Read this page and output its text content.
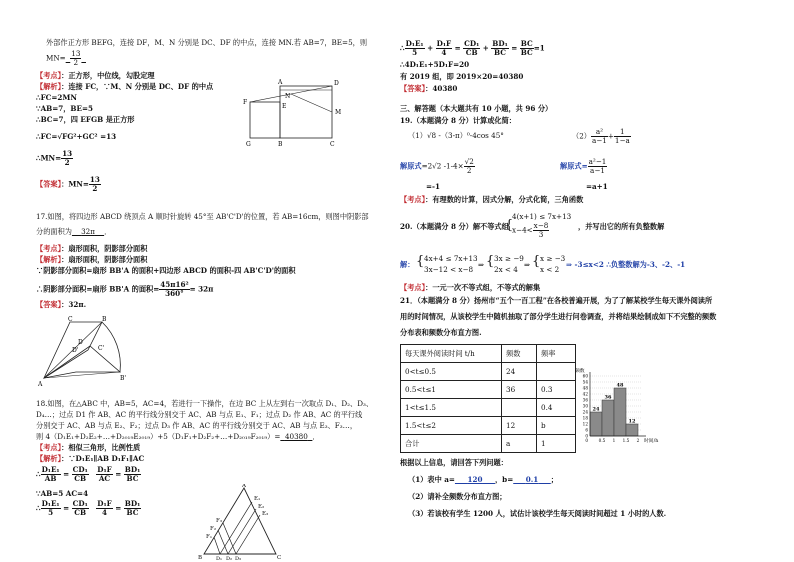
外部作正方形 BEFG，连接 DF，M、N 分别是 DC、DF 的中点，连接 MN.若 AB=7，BE=5，则
$MN= \frac{13}{2}$

【考点】：正方形，中位线，勾股定理
【解析】：连接 FC，∵M、N 分别是 DC、DF 的中点
∴FC=2MN
∵AB=7，BE=5
∴BC=7，四 EFGB 是正方形
∴FC=√FG²+GC² =13
∴MN= $\frac{13}{2}$
【答案】：$MN= \frac{13}{2}$
A	D
N
F
M
E
G	B	C
17.如图，将四边形 ABCD 绕顶点 A 顺时针旋转 45°至 AB'C'D'的位置，若 AB=16cm，则图中阴影部
分的面积为 32π ．
【考点】：扇形面积，阴影部分面积
【解析】：扇形面积，阴影部分面积
∵阴影部分面积=扇形 BB'A 的面积+四边形 ABCD 的面积-四 AB'C'D'的面积
∴阴影部分面积=扇形 BB'A 的面积= $\frac{\text{45π16²}}{360^\circ} = 32\pi$
【答案】：32π.
C	B
D
D'	C'
A
B'
18.如图，在△ABC 中，AB=5，AC=4，若进行一下操作，在边 BC 上从左到右一次取点 D₁、D₂、D₃、
D₄…；过点 D1 作 AB、AC 的平行线分别交于 AC、AB 与点 E₁、F₁；过点 D₂ 作 AB、AC 的平行线
分别交于 AC、AB 与点 E₂、F₂；过点 D₃ 作 AB、AC 的平行线分别交于 AC、AB 与点 E₃、F₃…，
则 4（D₁E₁+D₂E₂+…+D₂₀₁₉E₂₀₁₉）+5（D₁F₁+D₂F₂+…+D₂₀₁₉F₂₀₁₉）= 40380 ．
【考点】：相似三角形，比例性质
【解析】：∵D₁E₁∥AB D₁F₁∥AC
∴ $\frac{\text{D₁E₁}}{AB} = \frac{\text{CD₁}}{CB}$
$\frac{\text{D₁F}}{AC} = \frac{\text{BD₁}}{BC}$
∵AB=5 AC=4
∴ $\frac{\text{D₁E₁}}{5} = \frac{\text{CD₁}}{CB}$
$\frac{\text{D₁F}}{4} = \frac{\text{BD₁}}{BC}$
A
F₃
F₂
F₁
E₁
E₂
E₃
B	D₁ D₂ D₃	C
∴ $\frac{\text{D₁E₁}}{5} + \frac{\text{D₁F}}{4} = \frac{\text{CD₁}}{CB} + \frac{\text{BD₁}}{BC} = \frac{BC}{BC} =1$
∴4D₁E₁+5D₁F=20
有 2019 组，即 2019×20=40380
【答案】：40380
三、解答题（本大题共有 10 小题，共 96 分）
19.（本题满分 8 分）计算或化简：
（1）√8 -（3-π）⁰-4cos 45°	$(2) \frac{\text{a²}}{a-1} + \frac{1}{1-a}$
解原式=2√2 $-1-4\times \frac{√2}{2}$	解原式= $\frac{\text{a²−1}}{a-1}$
=-1	=a+1
【考点】：有理数的计算，因式分解，分式化简，三角函数
20.（本题满分 8 分）解不等式组
{
4(x+1) ≤ 7x+13
$x-4< \frac{x-8}{3}$	，并写出它的所有负整数解
解： { 4x+4 ≤ 7x+13
3x−12 < x−8
⇒ { 3x ≥ −9
2x < 4
⇒ { x ≥ −3
x < 2
⇒ -3≤x<2 ∴负整数解为-3、-2、-1
【考点】：一元一次不等式组，不等式的解集
21．（本题满分 8 分）扬州市“五个一百工程”在各校普遍开展，为了了解某校学生每天课外阅读所
用的时间情况，从该校学生中随机抽取了部分学生进行问卷调查，并将结果绘制成如下不完整的频数
分布表和频数分布直方图.
每天课外阅读时间 t/h	频数	频率
0<t≤0.5	24	
0.5<t≤1	36	0.3
1<t≤1.5		0.4
1.5<t≤2	12	b
合计	a	1
频数
24
36
48
12
0
6
12
18
24
30
36
42
48
54
60
0	0.5 1 1.5 2 时间/h
根据以上信息，请回答下列问题：
（1）表中 a= 120 ，b= 0.1 ；
（2）请补全频数分布直方图；
（3）若该校有学生 1200 人，试估计该校学生每天阅读时间超过 1 小时的人数.
